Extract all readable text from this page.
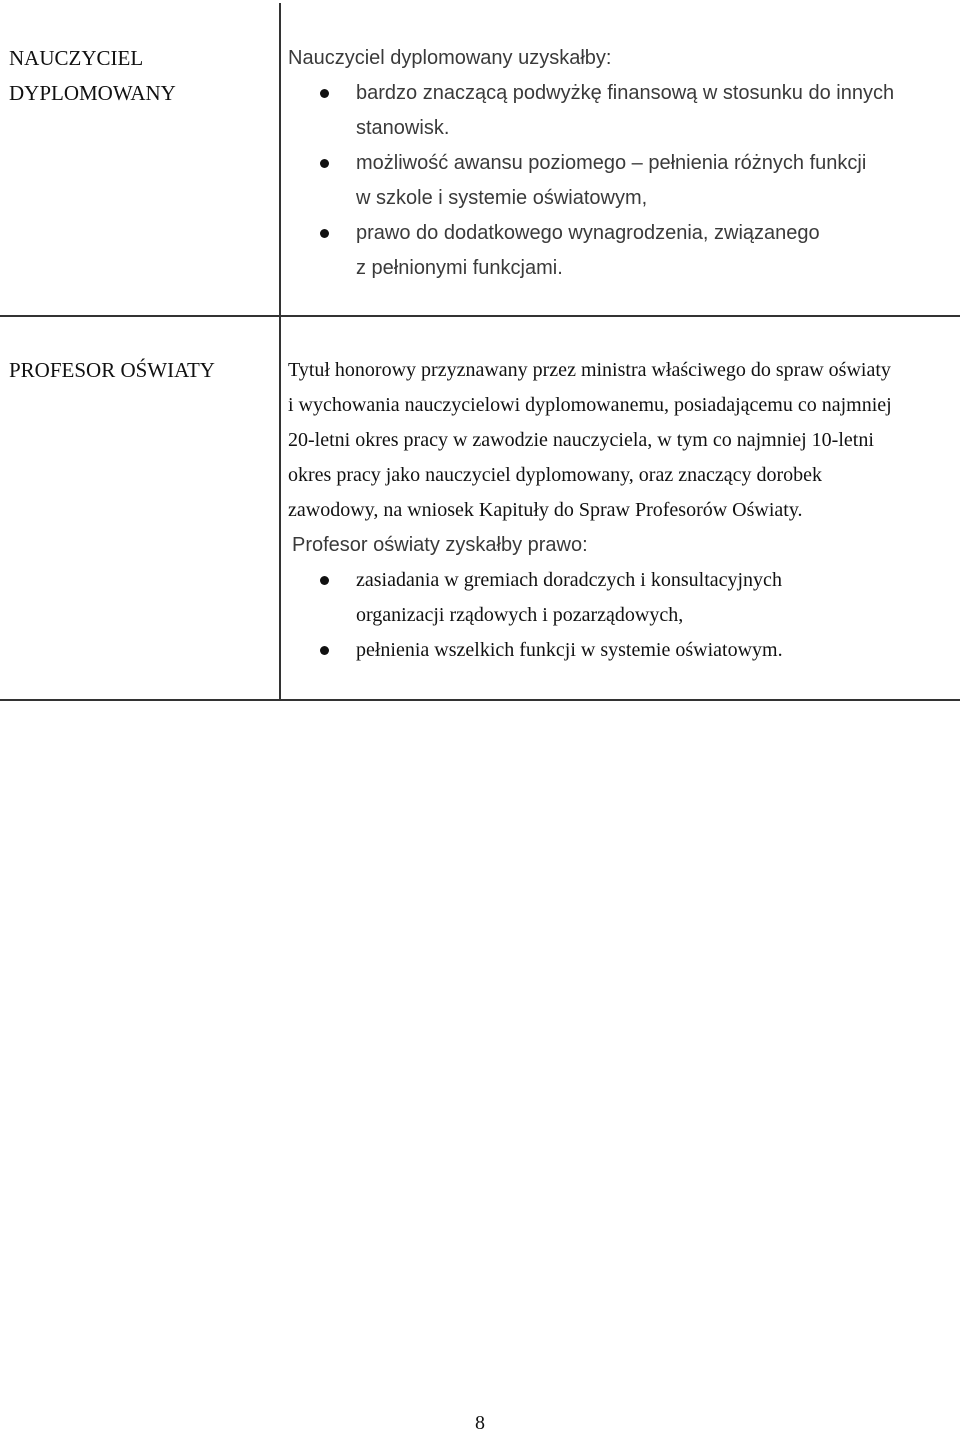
NAUCZYCIEL
DYPLOMOWANY
Nauczyciel dyplomowany uzyskałby:
bardzo znaczącą podwyżkę finansową w stosunku do innych
stanowisk.
możliwość awansu poziomego – pełnienia różnych funkcji
w szkole i systemie oświatowym,
prawo do dodatkowego wynagrodzenia, związanego
z pełnionymi funkcjami.
PROFESOR OŚWIATY	Tytuł honorowy przyznawany przez ministra właściwego do spraw oświaty
i wychowania nauczycielowi dyplomowanemu, posiadającemu co najmniej
20-letni okres pracy w zawodzie nauczyciela, w tym co najmniej 10-letni
okres pracy jako nauczyciel dyplomowany, oraz znaczący dorobek
zawodowy, na wniosek Kapituły do Spraw Profesorów Oświaty.
Profesor oświaty zyskałby prawo:
zasiadania w gremiach doradczych i konsultacyjnych
organizacji rządowych i pozarządowych,
pełnienia wszelkich funkcji w systemie oświatowym.
8
